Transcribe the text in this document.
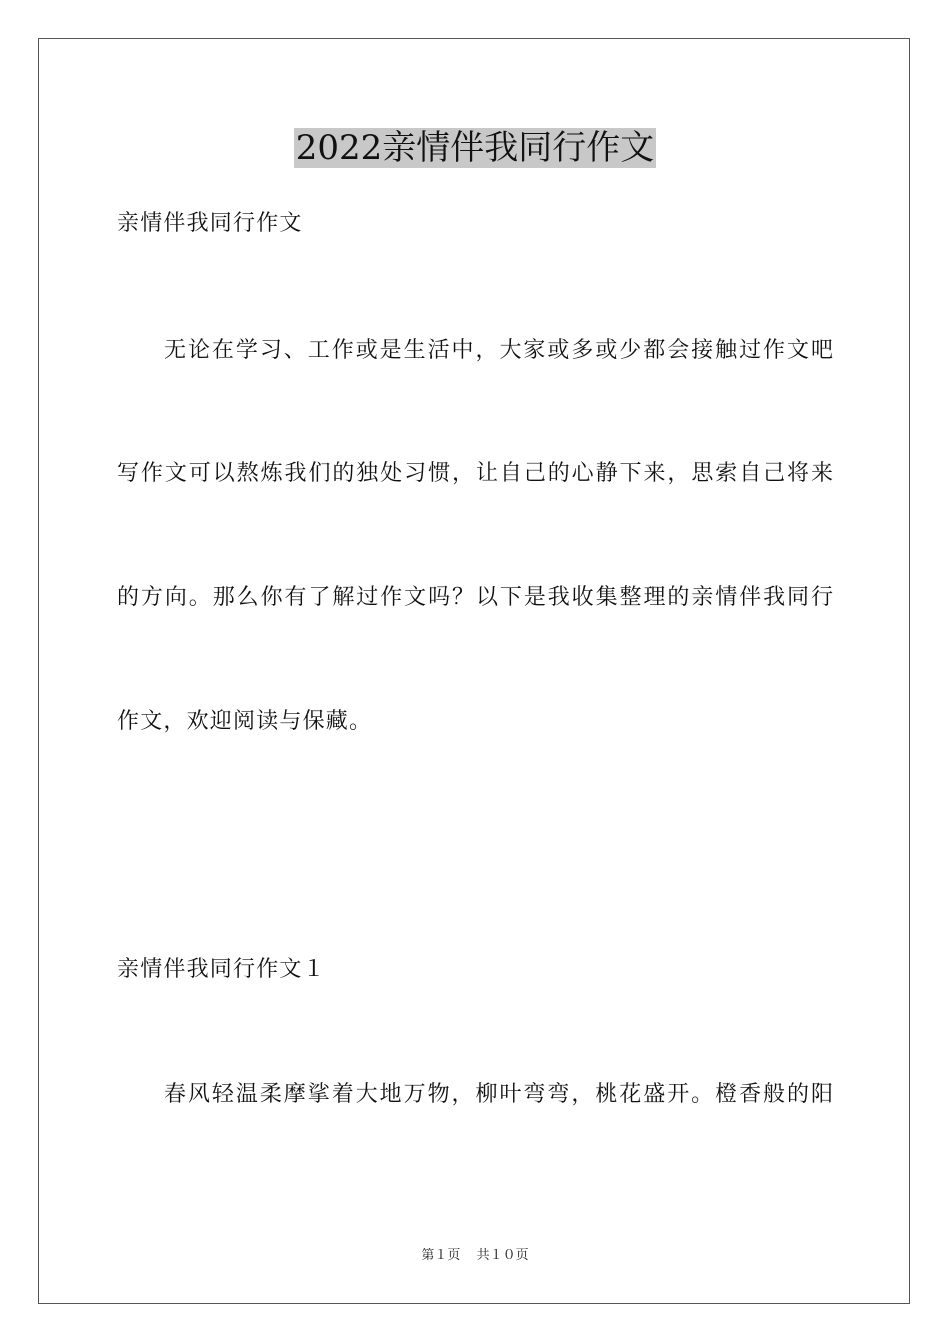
2022亲情伴我同行作文
亲情伴我同行作文
无论在学习、工作或是生活中，大家或多或少都会接触过作文吧
写作文可以熬炼我们的独处习惯，让自己的心静下来，思索自己将来
的方向。那么你有了解过作文吗？以下是我收集整理的亲情伴我同行
作文，欢迎阅读与保藏。
亲情伴我同行作文１
春风轻温柔摩挲着大地万物，柳叶弯弯，桃花盛开。橙香般的阳
第１页 共１０页
